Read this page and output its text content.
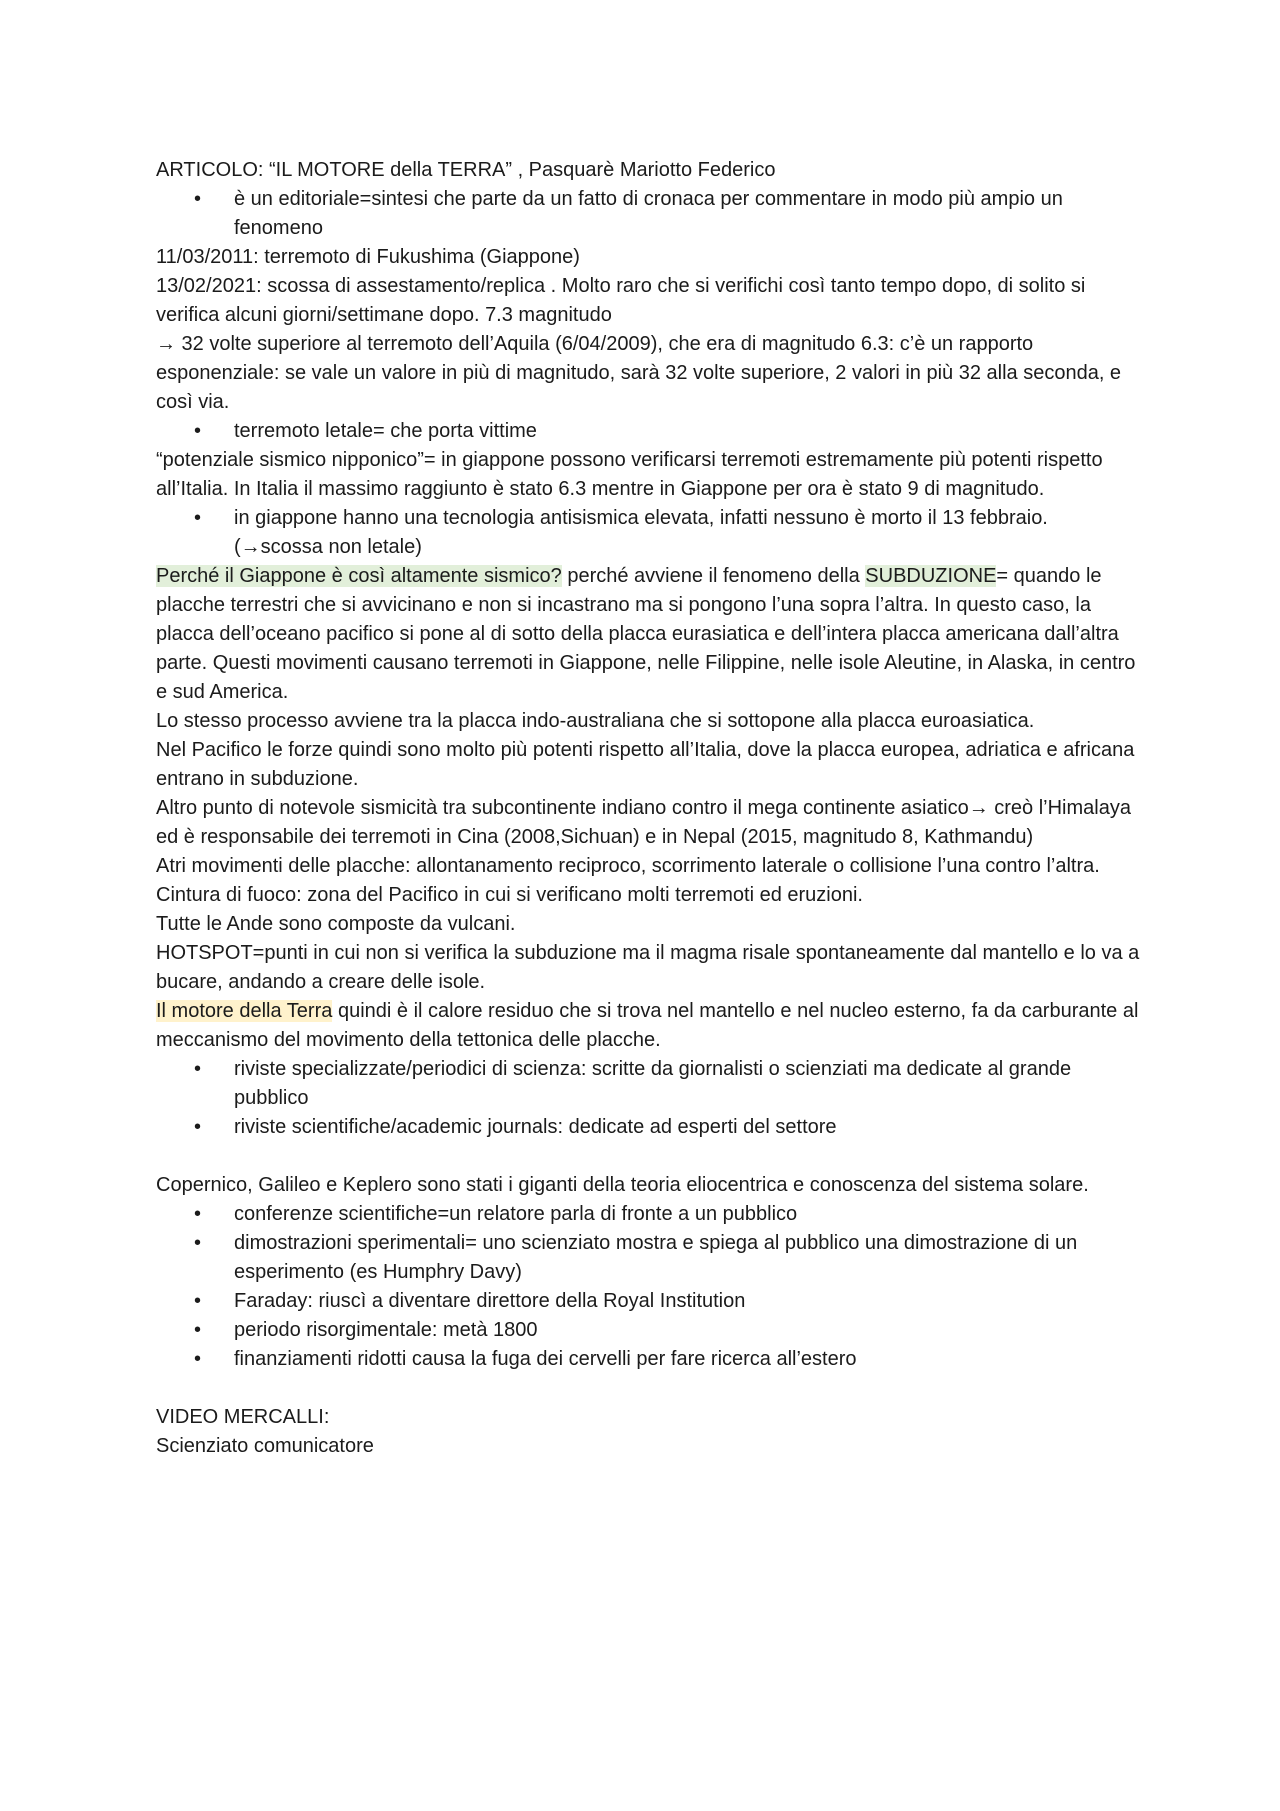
ARTICOLO: “IL MOTORE della TERRA” , Pasquarè Mariotto Federico

• è un editoriale=sintesi che parte da un fatto di cronaca per commentare in modo più ampio un fenomeno

11/03/2011: terremoto di Fukushima (Giappone)

13/02/2021: scossa di assestamento/replica . Molto raro che si verifichi così tanto tempo dopo, di solito si verifica alcuni giorni/settimane dopo. 7.3 magnitudo

→ 32 volte superiore al terremoto dell’Aquila (6/04/2009), che era di magnitudo 6.3: c’è un rapporto esponenziale: se vale un valore in più di magnitudo, sarà 32 volte superiore, 2 valori in più 32 alla seconda, e così via.

• terremoto letale= che porta vittime

“potenziale sismico nipponico”= in giappone possono verificarsi terremoti estremamente più potenti rispetto all’Italia. In Italia il massimo raggiunto è stato 6.3 mentre in Giappone per ora è stato 9 di magnitudo.

• in giappone hanno una tecnologia antisismica elevata, infatti nessuno è morto il 13 febbraio. (→scossa non letale)

Perché il Giappone è così altamente sismico? perché avviene il fenomeno della SUBDUZIONE= quando le placche terrestri che si avvicinano e non si incastrano ma si pongono l’una sopra l’altra. In questo caso, la placca dell’oceano pacifico si pone al di sotto della placca eurasiatica e dell’intera placca americana dall’altra parte. Questi movimenti causano terremoti in Giappone, nelle Filippine, nelle isole Aleutine, in Alaska, in centro e sud America.

Lo stesso processo avviene tra la placca indo-australiana che si sottopone alla placca euroasiatica.

Nel Pacifico le forze quindi sono molto più potenti rispetto all’Italia, dove la placca europea, adriatica e africana entrano in subduzione.

Altro punto di notevole sismicità tra subcontinente indiano contro il mega continente asiatico→ creò l’Himalaya ed è responsabile dei terremoti in Cina (2008,Sichuan) e in Nepal (2015, magnitudo 8, Kathmandu)

Atri movimenti delle placche: allontanamento reciproco, scorrimento laterale o collisione l’una contro l’altra.

Cintura di fuoco: zona del Pacifico in cui si verificano molti terremoti ed eruzioni.

Tutte le Ande sono composte da vulcani.

HOTSPOT=punti in cui non si verifica la subduzione ma il magma risale spontaneamente dal mantello e lo va a bucare, andando a creare delle isole.

Il motore della Terra quindi è il calore residuo che si trova nel mantello e nel nucleo esterno, fa da carburante al meccanismo del movimento della tettonica delle placche.

• riviste specializzate/periodici di scienza: scritte da giornalisti o scienziati ma dedicate al grande pubblico
• riviste scientifiche/academic journals: dedicate ad esperti del settore

Copernico, Galileo e Keplero sono stati i giganti della teoria eliocentrica e conoscenza del sistema solare.

• conferenze scientifiche=un relatore parla di fronte a un pubblico
• dimostrazioni sperimentali= uno scienziato mostra e spiega al pubblico una dimostrazione di un esperimento (es Humphry Davy)
• Faraday: riuscì a diventare direttore della Royal Institution
• periodo risorgimentale: metà 1800
• finanziamenti ridotti causa la fuga dei cervelli per fare ricerca all’estero

VIDEO MERCALLI:

Scienziato comunicatore
